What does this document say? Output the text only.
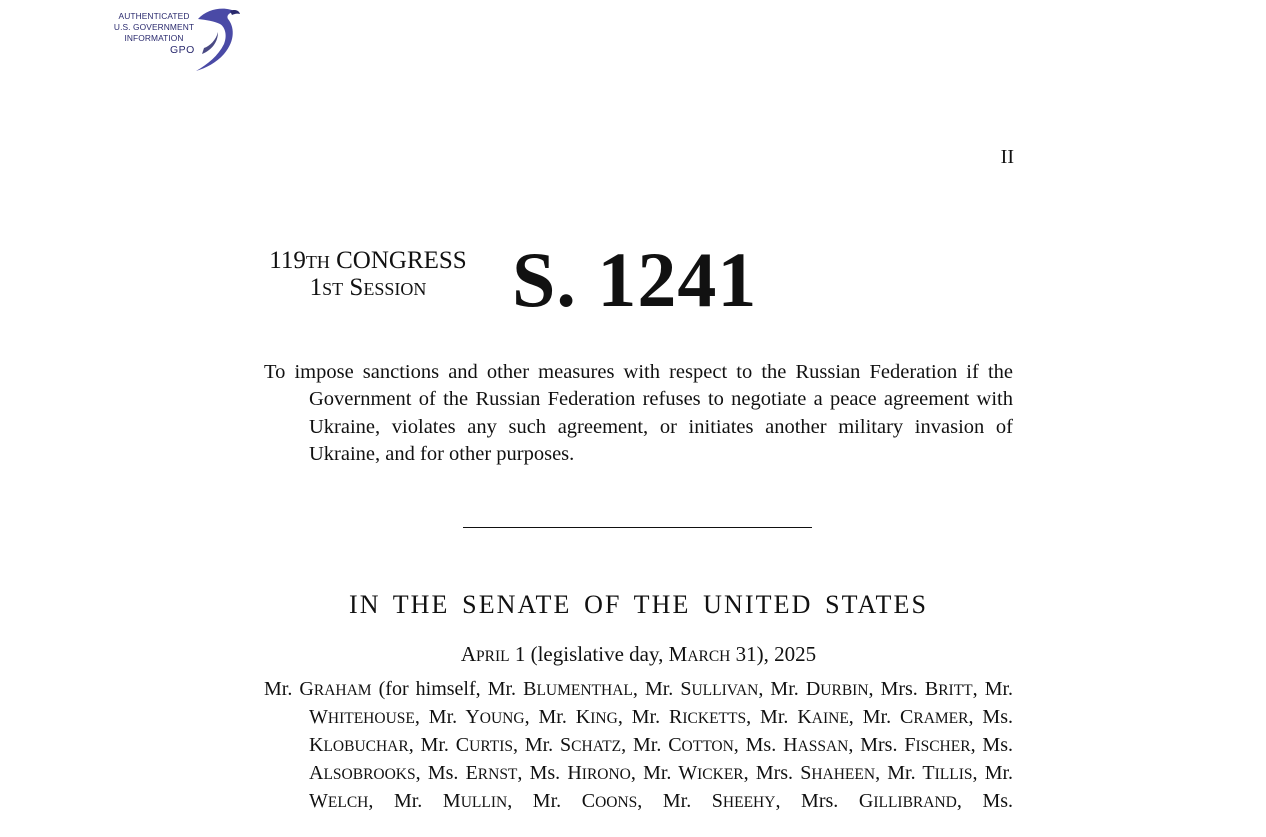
AUTHENTICATED
U.S. GOVERNMENT
INFORMATION
GPO
II
119TH CONGRESS
1ST SESSION	S. 1241
To impose sanctions and other measures with respect to the Russian Federation if the Government of the Russian Federation refuses to negotiate a peace agreement with Ukraine, violates any such agreement, or initiates another military invasion of Ukraine, and for other purposes.
IN THE SENATE OF THE UNITED STATES
APRIL 1 (legislative day, MARCH 31), 2025
Mr. GRAHAM (for himself, Mr. BLUMENTHAL, Mr. SULLIVAN, Mr. DURBIN, Mrs. BRITT, Mr. WHITEHOUSE, Mr. YOUNG, Mr. KING, Mr. RICKETTS, Mr. KAINE, Mr. CRAMER, Ms. KLOBUCHAR, Mr. CURTIS, Mr. SCHATZ, Mr. COTTON, Ms. HASSAN, Mrs. FISCHER, Ms. ALSOBROOKS, Ms. ERNST, Ms. HIRONO, Mr. WICKER, Mrs. SHAHEEN, Mr. TILLIS, Mr. WELCH, Mr. MULLIN, Mr. COONS, Mr. SHEEHY, Mrs. GILLIBRAND, Ms.
